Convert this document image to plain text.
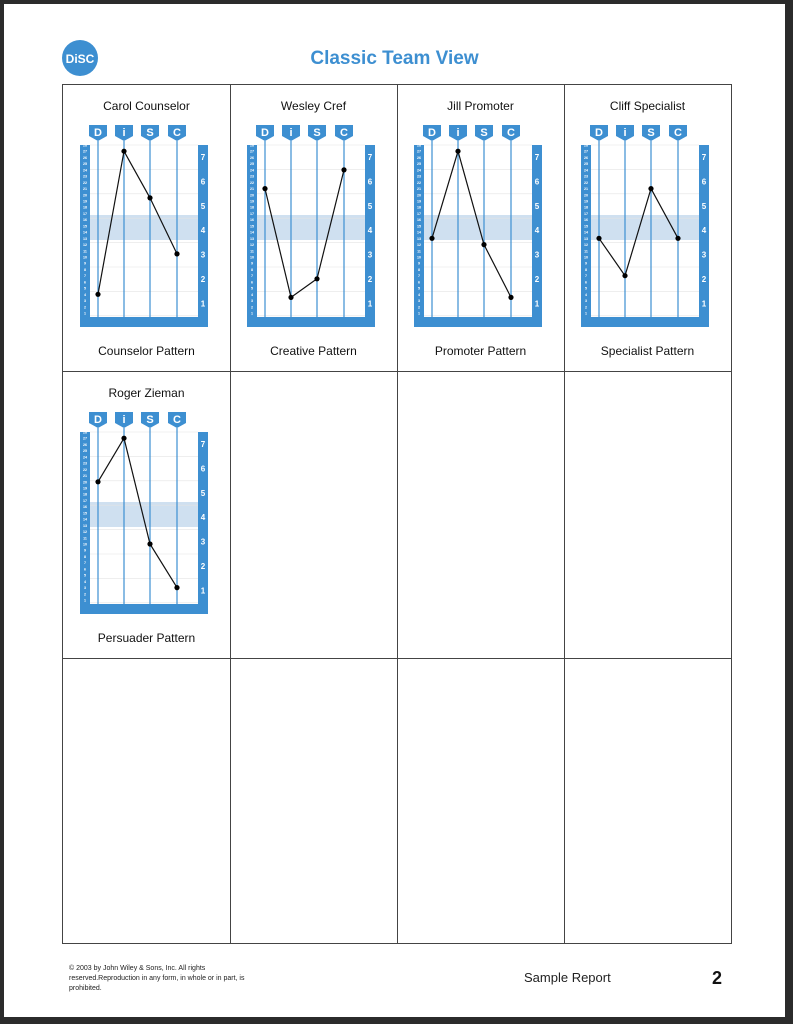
DiSC	Classic Team View
Carol Counselor
1
2
3
4
5
6
7
8
9
10
11
12
13
14
15
16
17
18
19
20
21
22
23
24
25
26
27
28
7
6
5
4
3
2
1
D i S C
Counselor Pattern
Wesley Cref
1
2
3
4
5
6
7
8
9
10
11
12
13
14
15
16
17
18
19
20
21
22
23
24
25
26
27
28
7
6
5
4
3
2
1
D i S C
Creative Pattern
Jill Promoter
1
2
3
4
5
6
7
8
9
10
11
12
13
14
15
16
17
18
19
20
21
22
23
24
25
26
27
28
7
6
5
4
3
2
1
D i S C
Promoter Pattern
Cliff Specialist
1
2
3
4
5
6
7
8
9
10
11
12
13
14
15
16
17
18
19
20
21
22
23
24
25
26
27
28
7
6
5
4
3
2
1
D i S C
Specialist Pattern
Roger Zieman
1
2
3
4
5
6
7
8
9
10
11
12
13
14
15
16
17
18
19
20
21
22
23
24
25
26
27
28
7
6
5
4
3
2
1
D i S C
Persuader Pattern
© 2003 by John Wiley & Sons, Inc. All rights reserved.Reproduction in any form, in whole or in part, is prohibited.
Sample Report	2
